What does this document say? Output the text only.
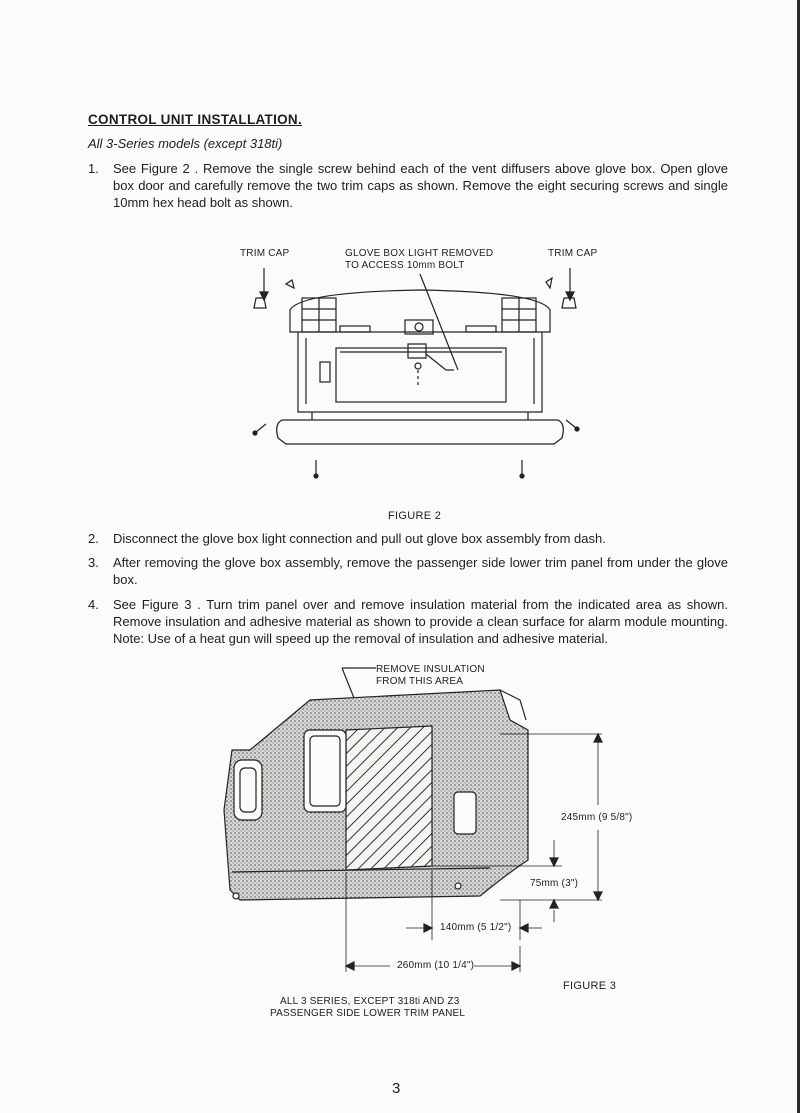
CONTROL UNIT INSTALLATION.
All 3-Series models (except 318ti)
1. See Figure 2 . Remove the single screw behind each of the vent diffusers above glove box. Open glove box door and carefully remove the two trim caps as shown. Remove the eight securing screws and single 10mm hex head bolt as shown.
TRIM CAP	GLOVE BOX LIGHT REMOVED
TO ACCESS 10mm BOLT
TRIM CAP
FIGURE 2
2. Disconnect the glove box light connection and pull out glove box assembly from dash.
3. After removing the glove box assembly, remove the passenger side lower trim panel from under the glove box.
4. See Figure 3 . Turn trim panel over and remove insulation material from the indicated area as shown. Remove insulation and adhesive material as shown to provide a clean surface for alarm module mounting. Note: Use of a heat gun will speed up the removal of insulation and adhesive material.
REMOVE INSULATION
FROM THIS AREA
245mm (9 5/8")
75mm (3")
140mm (5 1/2")
260mm (10 1/4")
FIGURE 3
ALL 3 SERIES, EXCEPT 318ti AND Z3
PASSENGER SIDE LOWER TRIM PANEL
3
